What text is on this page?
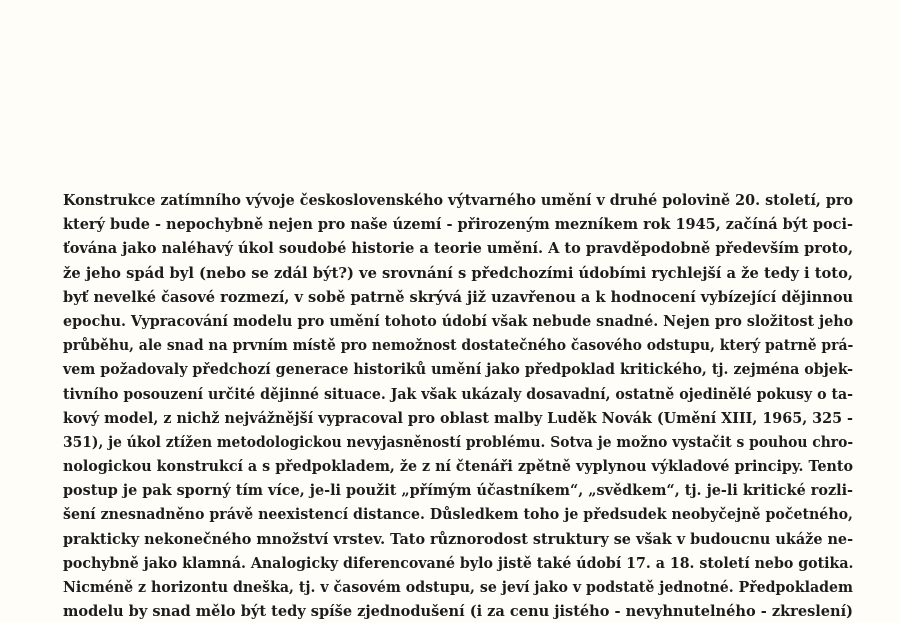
Konstrukce zatímního vývoje československého výtvarného umění v druhé polovině 20. století, pro
který bude - nepochybně nejen pro naše území - přirozeným mezníkem rok 1945, začíná být poci-
ťována jako naléhavý úkol soudobé historie a teorie umění. A to pravděpodobně především proto,
že jeho spád byl (nebo se zdál být?) ve srovnání s předchozími údobími rychlejší a že tedy i toto,
byť nevelké časové rozmezí, v sobě patrně skrývá již uzavřenou a k hodnocení vybízející dějinnou
epochu. Vypracování modelu pro umění tohoto údobí však nebude snadné. Nejen pro složitost jeho
průběhu, ale snad na prvním místě pro nemožnost dostatečného časového odstupu, který patrně prá-
vem požadovaly předchozí generace historiků umění jako předpoklad kritického, tj. zejména objek-
tivního posouzení určité dějinné situace. Jak však ukázaly dosavadní, ostatně ojedinělé pokusy o ta-
kový model, z nichž nejvážnější vypracoval pro oblast malby Luděk Novák (Umění XIII, 1965, 325 -
351), je úkol ztížen metodologickou nevyjasněností problému. Sotva je možno vystačit s pouhou chro-
nologickou konstrukcí a s předpokladem, že z ní čtenáři zpětně vyplynou výkladové principy. Tento
postup je pak sporný tím více, je-li použit „přímým účastníkem“, „svědkem“, tj. je-li kritické rozli-
šení znesnadněno právě neexistencí distance. Důsledkem toho je předsudek neobyčejně početného,
prakticky nekonečného množství vrstev. Tato různorodost struktury se však v budoucnu ukáže ne-
pochybně jako klamná. Analogicky diferencované bylo jistě také údobí 17. a 18. století nebo gotika.
Nicméně z horizontu dneška, tj. v časovém odstupu, se jeví jako v podstatě jednotné. Předpokladem
modelu by snad mělo být tedy spíše zjednodušení (i za cenu jistého - nevyhnutelného - zkreslení)
